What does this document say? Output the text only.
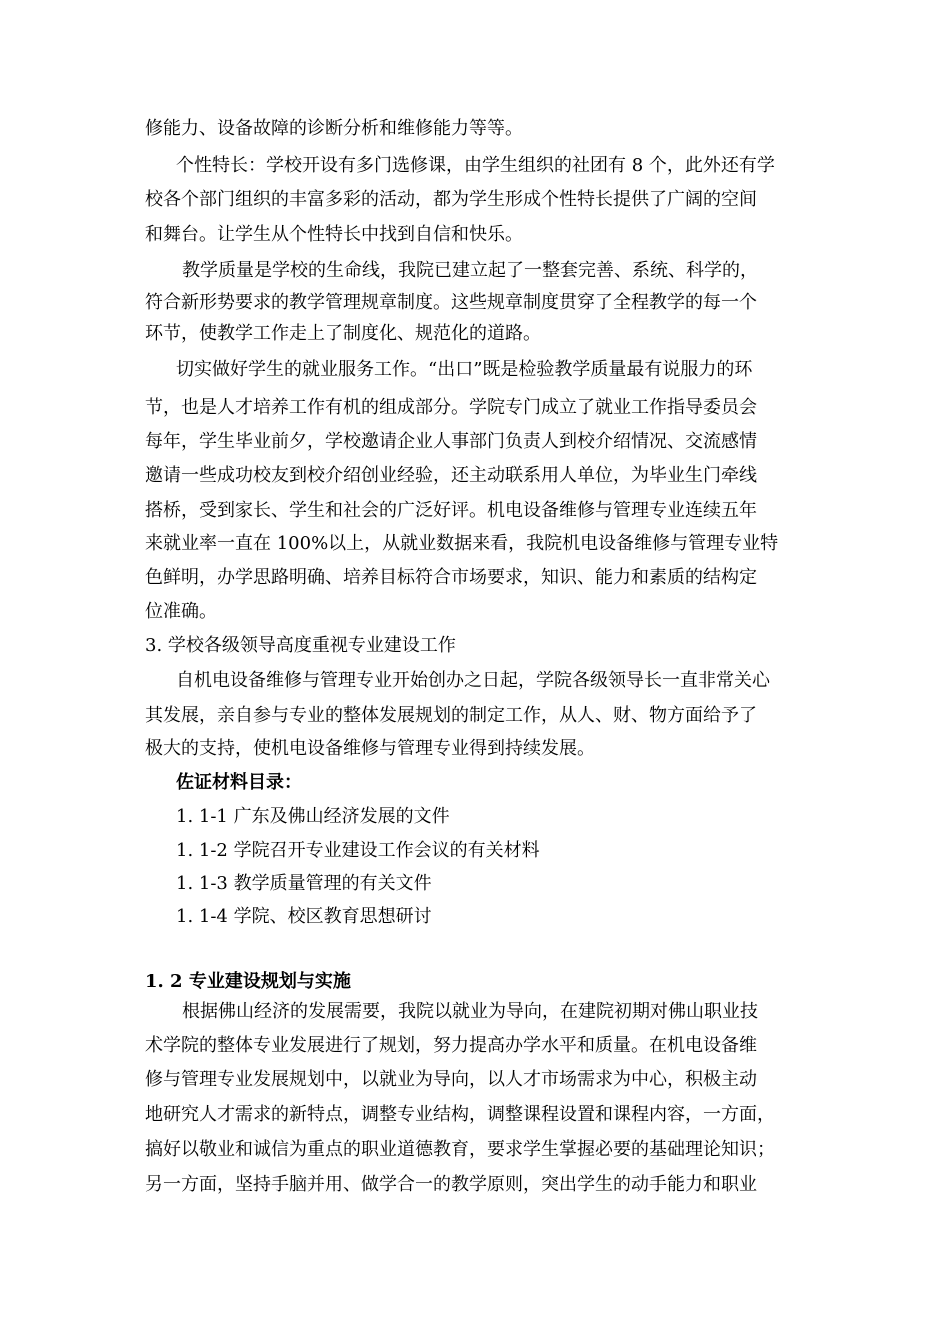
修能力、设备故障的诊断分析和维修能力等等。
个性特长：学校开设有多门选修课，由学生组织的社团有 8 个，此外还有学
校各个部门组织的丰富多彩的活动，都为学生形成个性特长提供了广阔的空间
和舞台。让学生从个性特长中找到自信和快乐。
教学质量是学校的生命线，我院已建立起了一整套完善、系统、科学的，
符合新形势要求的教学管理规章制度。这些规章制度贯穿了全程教学的每一个
环节，使教学工作走上了制度化、规范化的道路。
切实做好学生的就业服务工作。“出口”既是检验教学质量最有说服力的环
节，也是人才培养工作有机的组成部分。学院专门成立了就业工作指导委员会
每年，学生毕业前夕，学校邀请企业人事部门负责人到校介绍情况、交流感情
邀请一些成功校友到校介绍创业经验，还主动联系用人单位，为毕业生门牵线
搭桥，受到家长、学生和社会的广泛好评。机电设备维修与管理专业连续五年
来就业率一直在 100%以上，从就业数据来看，我院机电设备维修与管理专业特
色鲜明，办学思路明确、培养目标符合市场要求，知识、能力和素质的结构定
位准确。
3. 学校各级领导高度重视专业建设工作
自机电设备维修与管理专业开始创办之日起，学院各级领导长一直非常关心
其发展，亲自参与专业的整体发展规划的制定工作，从人、财、物方面给予了
极大的支持，使机电设备维修与管理专业得到持续发展。
佐证材料目录：
1. 1-1 广东及佛山经济发展的文件
1. 1-2 学院召开专业建设工作会议的有关材料
1. 1-3 教学质量管理的有关文件
1. 1-4 学院、校区教育思想研讨
1. 2 专业建设规划与实施
根据佛山经济的发展需要，我院以就业为导向，在建院初期对佛山职业技
术学院的整体专业发展进行了规划，努力提高办学水平和质量。在机电设备维
修与管理专业发展规划中，以就业为导向，以人才市场需求为中心，积极主动
地研究人才需求的新特点，调整专业结构，调整课程设置和课程内容，一方面，
搞好以敬业和诚信为重点的职业道德教育，要求学生掌握必要的基础理论知识；
另一方面，坚持手脑并用、做学合一的教学原则，突出学生的动手能力和职业
